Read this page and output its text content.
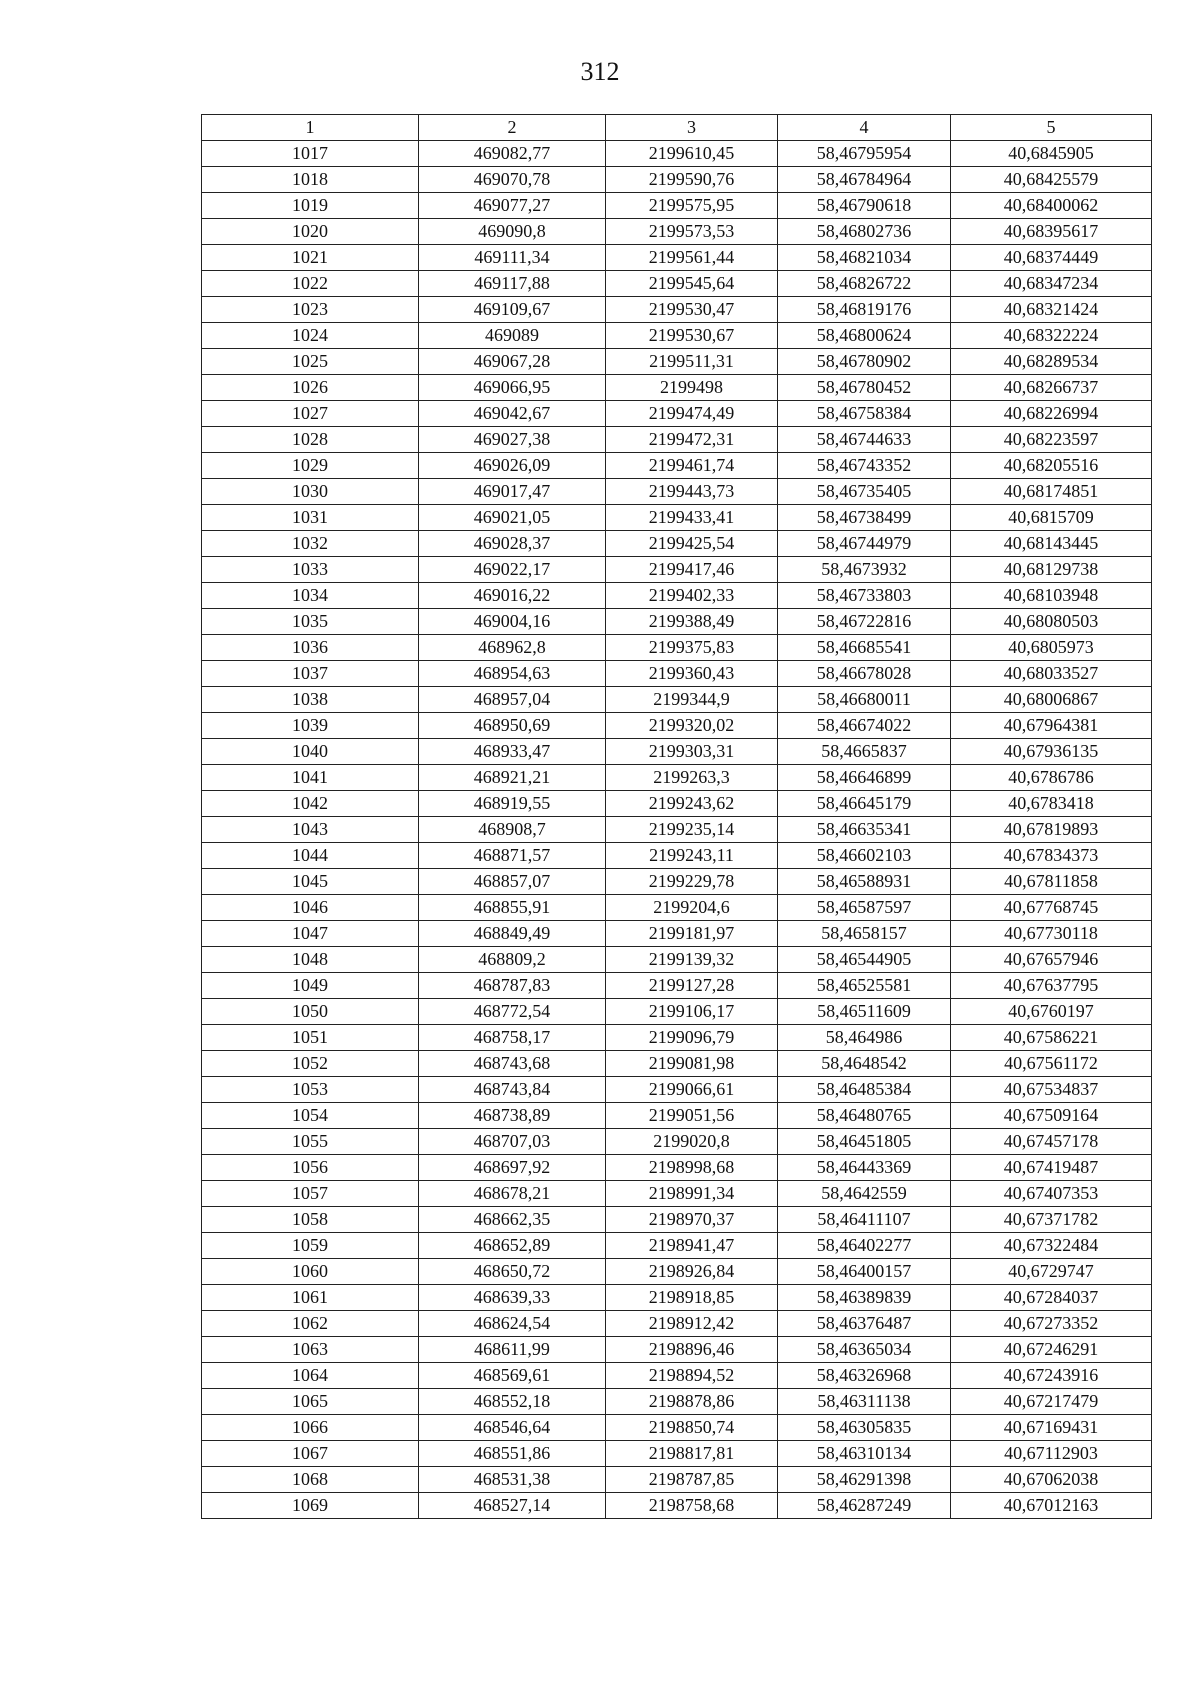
312
1	2	3	4	5
1017	469082,77	2199610,45	58,46795954	40,6845905
1018	469070,78	2199590,76	58,46784964	40,68425579
1019	469077,27	2199575,95	58,46790618	40,68400062
1020	469090,8	2199573,53	58,46802736	40,68395617
1021	469111,34	2199561,44	58,46821034	40,68374449
1022	469117,88	2199545,64	58,46826722	40,68347234
1023	469109,67	2199530,47	58,46819176	40,68321424
1024	469089	2199530,67	58,46800624	40,68322224
1025	469067,28	2199511,31	58,46780902	40,68289534
1026	469066,95	2199498	58,46780452	40,68266737
1027	469042,67	2199474,49	58,46758384	40,68226994
1028	469027,38	2199472,31	58,46744633	40,68223597
1029	469026,09	2199461,74	58,46743352	40,68205516
1030	469017,47	2199443,73	58,46735405	40,68174851
1031	469021,05	2199433,41	58,46738499	40,6815709
1032	469028,37	2199425,54	58,46744979	40,68143445
1033	469022,17	2199417,46	58,4673932	40,68129738
1034	469016,22	2199402,33	58,46733803	40,68103948
1035	469004,16	2199388,49	58,46722816	40,68080503
1036	468962,8	2199375,83	58,46685541	40,6805973
1037	468954,63	2199360,43	58,46678028	40,68033527
1038	468957,04	2199344,9	58,46680011	40,68006867
1039	468950,69	2199320,02	58,46674022	40,67964381
1040	468933,47	2199303,31	58,4665837	40,67936135
1041	468921,21	2199263,3	58,46646899	40,6786786
1042	468919,55	2199243,62	58,46645179	40,6783418
1043	468908,7	2199235,14	58,46635341	40,67819893
1044	468871,57	2199243,11	58,46602103	40,67834373
1045	468857,07	2199229,78	58,46588931	40,67811858
1046	468855,91	2199204,6	58,46587597	40,67768745
1047	468849,49	2199181,97	58,4658157	40,67730118
1048	468809,2	2199139,32	58,46544905	40,67657946
1049	468787,83	2199127,28	58,46525581	40,67637795
1050	468772,54	2199106,17	58,46511609	40,6760197
1051	468758,17	2199096,79	58,464986	40,67586221
1052	468743,68	2199081,98	58,4648542	40,67561172
1053	468743,84	2199066,61	58,46485384	40,67534837
1054	468738,89	2199051,56	58,46480765	40,67509164
1055	468707,03	2199020,8	58,46451805	40,67457178
1056	468697,92	2198998,68	58,46443369	40,67419487
1057	468678,21	2198991,34	58,4642559	40,67407353
1058	468662,35	2198970,37	58,46411107	40,67371782
1059	468652,89	2198941,47	58,46402277	40,67322484
1060	468650,72	2198926,84	58,46400157	40,6729747
1061	468639,33	2198918,85	58,46389839	40,67284037
1062	468624,54	2198912,42	58,46376487	40,67273352
1063	468611,99	2198896,46	58,46365034	40,67246291
1064	468569,61	2198894,52	58,46326968	40,67243916
1065	468552,18	2198878,86	58,46311138	40,67217479
1066	468546,64	2198850,74	58,46305835	40,67169431
1067	468551,86	2198817,81	58,46310134	40,67112903
1068	468531,38	2198787,85	58,46291398	40,67062038
1069	468527,14	2198758,68	58,46287249	40,67012163
